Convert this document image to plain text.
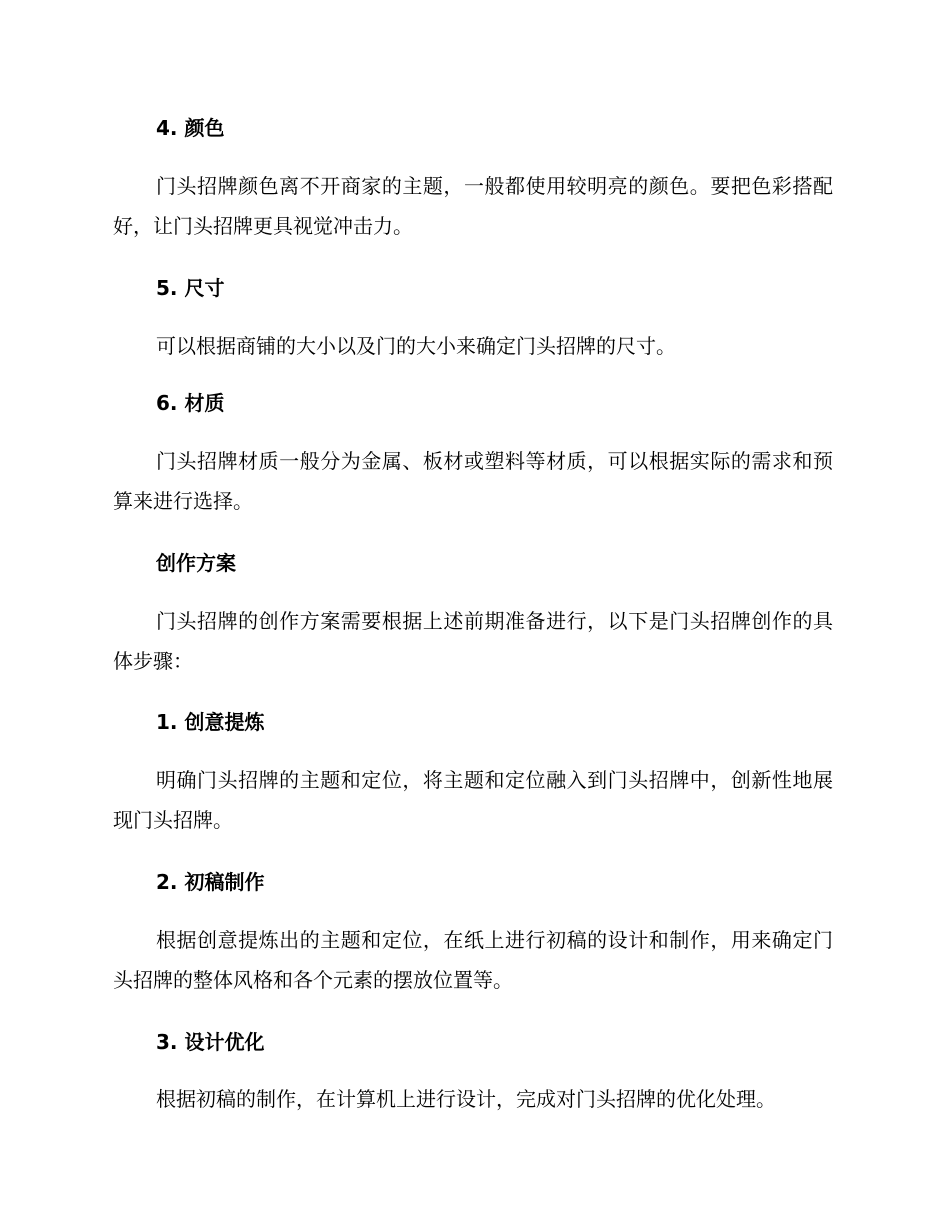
4. 颜色

门头招牌颜色离不开商家的主题，一般都使用较明亮的颜色。要把色彩搭配好，让门头招牌更具视觉冲击力。

5. 尺寸

可以根据商铺的大小以及门的大小来确定门头招牌的尺寸。

6. 材质

门头招牌材质一般分为金属、板材或塑料等材质，可以根据实际的需求和预算来进行选择。

创作方案

门头招牌的创作方案需要根据上述前期准备进行，以下是门头招牌创作的具体步骤：

1. 创意提炼

明确门头招牌的主题和定位，将主题和定位融入到门头招牌中，创新性地展现门头招牌。

2. 初稿制作

根据创意提炼出的主题和定位，在纸上进行初稿的设计和制作，用来确定门头招牌的整体风格和各个元素的摆放位置等。

3. 设计优化

根据初稿的制作，在计算机上进行设计，完成对门头招牌的优化处理。
